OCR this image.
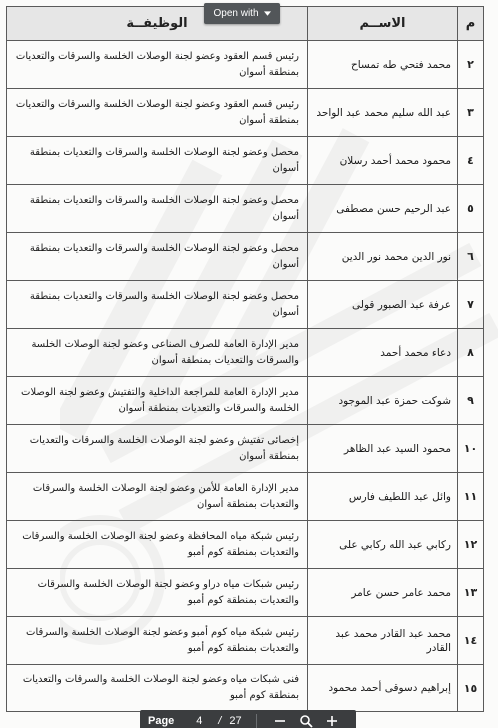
م	الاســم	الوظيفــة
٢	محمد فتحي طه تمساح	رئيس قسم العقود وعضو لجنة الوصلات الخلسة والسرقات والتعديات بمنطقة أسوان
٣	عبد الله سليم محمد عبد الواحد	رئيس قسم العقود وعضو لجنة الوصلات الخلسة والسرقات والتعديات بمنطقة أسوان
٤	محمود محمد أحمد رسلان	محصل وعضو لجنة الوصلات الخلسة والسرقات والتعديات بمنطقة أسوان
٥	عبد الرحيم حسن مصطفى	محصل وعضو لجنة الوصلات الخلسة والسرقات والتعديات بمنطقة أسوان
٦	نور الدين محمد نور الدين	محصل وعضو لجنة الوصلات الخلسة والسرقات والتعديات بمنطقة أسوان
٧	عرفة عبد الصبور قولى	محصل وعضو لجنة الوصلات الخلسة والسرقات والتعديات بمنطقة أسوان
٨	دعاء محمد أحمد	مدير الإدارة العامة للصرف الصناعى وعضو لجنة الوصلات الخلسة والسرقات والتعديات بمنطقة أسوان
٩	شوكت حمزة عبد الموجود	مدير الإدارة العامة للمراجعة الداخلية والتفتيش وعضو لجنة الوصلات الخلسة والسرقات والتعديات بمنطقة أسوان
١٠	محمود السيد عبد الظاهر	إخصائى تفتيش وعضو لجنة الوصلات الخلسة والسرقات والتعديات بمنطقة أسوان
١١	وائل عبد اللطيف فارس	مدير الإدارة العامة للأمن وعضو لجنة الوصلات الخلسة والسرقات والتعديات بمنطقة أسوان
١٢	ركابي عبد الله ركابي على	رئيس شبكة مياه المحافظة وعضو لجنة الوصلات الخلسة والسرقات والتعديات بمنطقة كوم أمبو
١٣	محمد عامر حسن عامر	رئيس شبكات مياه دراو وعضو لجنة الوصلات الخلسة والسرقات والتعديات بمنطقة كوم أمبو
١٤	محمد عبد القادر محمد عبد القادر	رئيس شبكة مياه كوم أمبو وعضو لجنة الوصلات الخلسة والسرقات والتعديات بمنطقة كوم أمبو
١٥	إبراهيم دسوقى أحمد محمود	فنى شبكات مياه وعضو لجنة الوصلات الخلسة والسرقات والتعديات بمنطقة كوم أمبو
Open with
Page	4	/ 27
